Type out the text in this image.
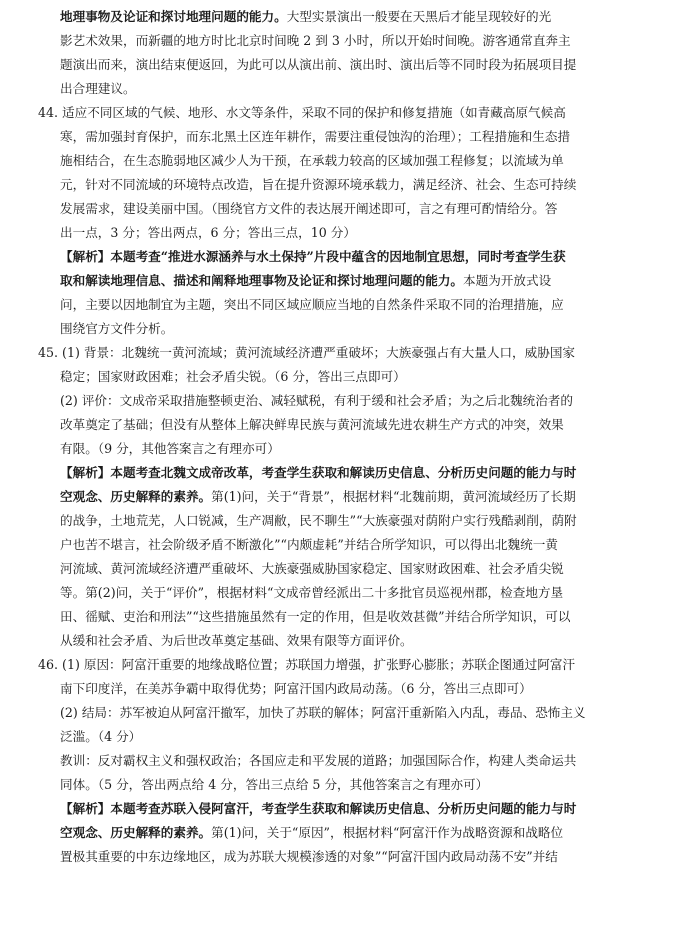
地理事物及论证和探讨地理问题的能力。大型实景演出一般要在天黑后才能呈现较好的光
影艺术效果，而新疆的地方时比北京时间晚 2 到 3 小时，所以开始时间晚。游客通常直奔主
题演出而来，演出结束便返回，为此可以从演出前、演出时、演出后等不同时段为拓展项目提
出合理建议。
44. 适应不同区域的气候、地形、水文等条件，采取不同的保护和修复措施（如青藏高原气候高
寒，需加强封育保护，而东北黑土区连年耕作，需要注重侵蚀沟的治理）；工程措施和生态措
施相结合，在生态脆弱地区减少人为干预，在承载力较高的区域加强工程修复；以流域为单
元，针对不同流域的环境特点改造，旨在提升资源环境承载力，满足经济、社会、生态可持续
发展需求，建设美丽中国。（围绕官方文件的表达展开阐述即可，言之有理可酌情给分。答
出一点，3 分；答出两点，6 分；答出三点，10 分）
【解析】本题考查“推进水源涵养与水土保持”片段中蕴含的因地制宜思想，同时考查学生获
取和解读地理信息、描述和阐释地理事物及论证和探讨地理问题的能力。本题为开放式设
问，主要以因地制宜为主题，突出不同区域应顺应当地的自然条件采取不同的治理措施，应
围绕官方文件分析。
45. (1) 背景：北魏统一黄河流域；黄河流域经济遭严重破坏；大族豪强占有大量人口，威胁国家
稳定；国家财政困难；社会矛盾尖锐。（6 分，答出三点即可）
(2) 评价：文成帝采取措施整顿吏治、减轻赋税，有利于缓和社会矛盾；为之后北魏统治者的
改革奠定了基础；但没有从整体上解决鲜卑民族与黄河流域先进农耕生产方式的冲突，效果
有限。（9 分，其他答案言之有理亦可）
【解析】本题考查北魏文成帝改革，考查学生获取和解读历史信息、分析历史问题的能力与时
空观念、历史解释的素养。第(1)问，关于“背景”，根据材料“北魏前期，黄河流域经历了长期
的战争，土地荒芜，人口锐减，生产凋敝，民不聊生”“大族豪强对荫附户实行残酷剥削，荫附
户也苦不堪言，社会阶级矛盾不断激化”“内颇虚耗”并结合所学知识，可以得出北魏统一黄
河流域、黄河流域经济遭严重破坏、大族豪强威胁国家稳定、国家财政困难、社会矛盾尖锐
等。第(2)问，关于“评价”，根据材料“文成帝曾经派出二十多批官员巡视州郡，检查地方垦
田、徭赋、吏治和刑法”“这些措施虽然有一定的作用，但是收效甚微”并结合所学知识，可以
从缓和社会矛盾、为后世改革奠定基础、效果有限等方面评价。
46. (1) 原因：阿富汗重要的地缘战略位置；苏联国力增强，扩张野心膨胀；苏联企图通过阿富汗
南下印度洋，在美苏争霸中取得优势；阿富汗国内政局动荡。（6 分，答出三点即可）
(2) 结局：苏军被迫从阿富汗撤军，加快了苏联的解体；阿富汗重新陷入内乱，毒品、恐怖主义
泛滥。（4 分）
教训：反对霸权主义和强权政治；各国应走和平发展的道路；加强国际合作，构建人类命运共
同体。（5 分，答出两点给 4 分，答出三点给 5 分，其他答案言之有理亦可）
【解析】本题考查苏联入侵阿富汗，考查学生获取和解读历史信息、分析历史问题的能力与时
空观念、历史解释的素养。第(1)问，关于“原因”，根据材料“阿富汗作为战略资源和战略位
置极其重要的中东边缘地区，成为苏联大规模渗透的对象”“阿富汗国内政局动荡不安”并结
